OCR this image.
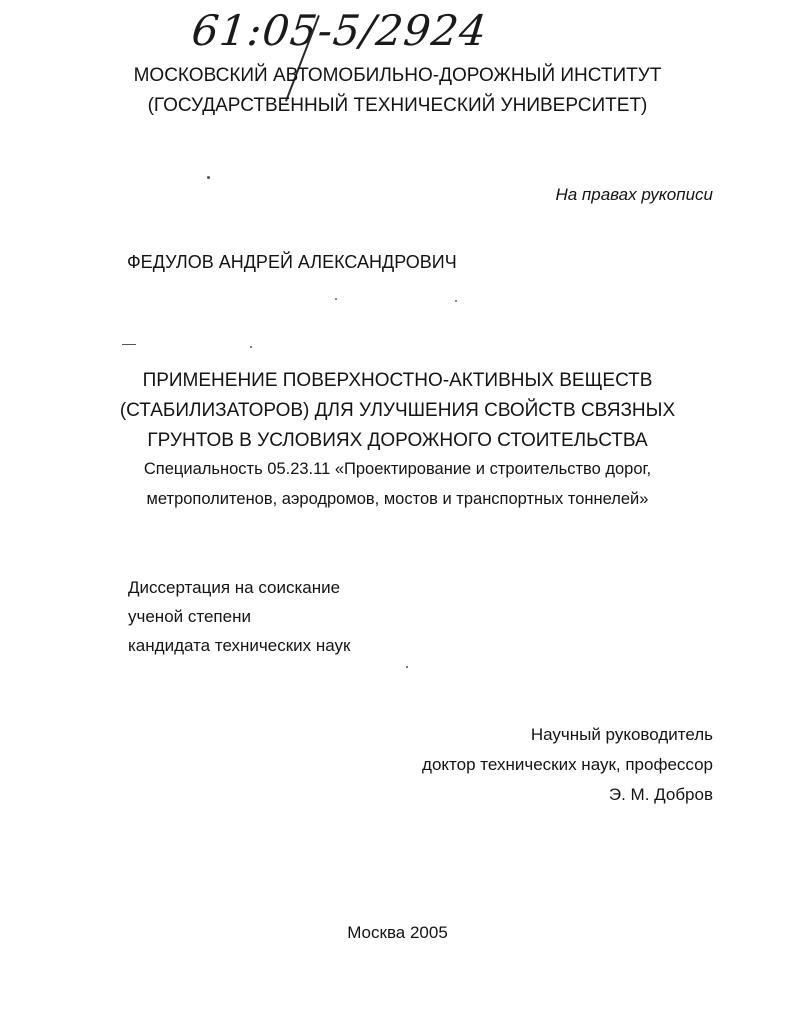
61:05-5/2924
МОСКОВСКИЙ АВТОМОБИЛЬНО-ДОРОЖНЫЙ ИНСТИТУТ
(ГОСУДАРСТВЕННЫЙ ТЕХНИЧЕСКИЙ УНИВЕРСИТЕТ)
На правах рукописи
ФЕДУЛОВ АНДРЕЙ АЛЕКСАНДРОВИЧ
ПРИМЕНЕНИЕ ПОВЕРХНОСТНО-АКТИВНЫХ ВЕЩЕСТВ
(СТАБИЛИЗАТОРОВ) ДЛЯ УЛУЧШЕНИЯ СВОЙСТВ СВЯЗНЫХ
ГРУНТОВ В УСЛОВИЯХ ДОРОЖНОГО СТОИТЕЛЬСТВА
Специальность 05.23.11 «Проектирование и строительство дорог,
метрополитенов, аэродромов, мостов и транспортных тоннелей»
Диссертация на соискание
ученой степени
кандидата технических наук
Научный руководитель
доктор технических наук, профессор
Э. М. Добров
Москва 2005
